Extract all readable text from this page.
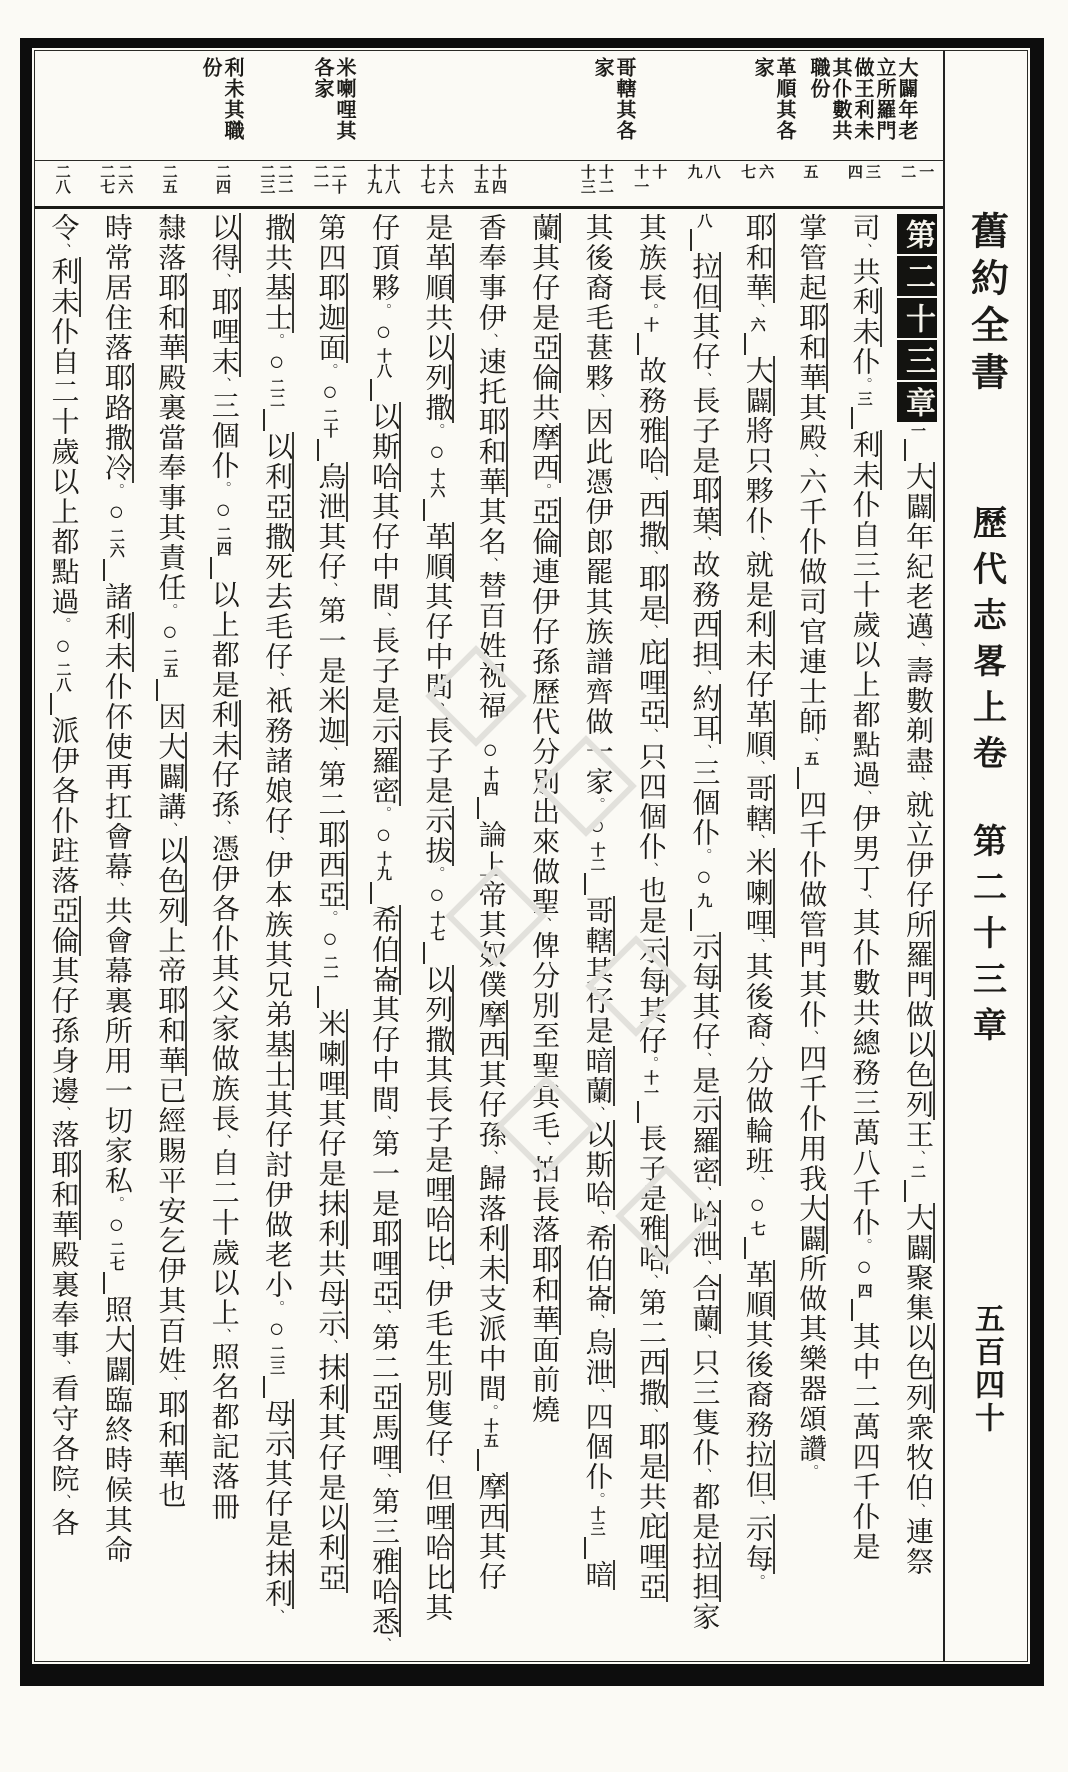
大闢年老
立所羅門
做王利未
其仆數共
職份
革順其各
家
哥轄其各
家
米喇哩其
各家
利未其職
份
一
二
三
四
五
六
七
八
九
十
十一
十二
十三
十四
十五
十六
十七
十八
十九
二十
二一
二二
二三
二四
二五
二六
二七
二八
第二十三章一大闢年紀老邁、壽數剃盡、就立伊仔所羅門做以色列王、二大闢聚集以色列衆牧伯、連祭
司、共利未仆。三利未仆自三十歲以上都點過、伊男丁、其仆數共總務三萬八千仆。○四其中二萬四千仆是
掌管起耶和華其殿、六千仆做司官連士師、五四千仆做管門其仆、四千仆用我大闢所做其樂器頌讚。
耶和華、六大闢將只夥仆、就是利未仔革順、哥轄、米喇哩、其後裔、分做輪班、○七革順其後裔務拉但、示每。
八拉但其仔、長子是耶葉、故務西担、約耳、三個仆。○九示每其仔、是示羅密、哈泄、合蘭、只三隻仆、都是拉担家
其族長。十故務雅哈、西撒、耶是、庇哩亞、只四個仆、也是示每其仔。十一長子是雅哈、第二西撒、耶是共庇哩亞
其後裔毛葚夥、因此憑伊郎罷其族譜齊做一家。○十二哥轄其仔是暗蘭、以斯哈、希伯崙、烏泄、四個仆。十三暗
蘭其仔是亞倫共摩西。亞倫連伊仔孫歷代分別出來做聖、俾分別至聖其毛、拍長落耶和華面前燒
香奉事伊、速托耶和華其名、替百姓祝福。○十四論上帝其奴僕摩西其仔孫、歸落利未支派中間。十五摩西其仔
是革順共以列撒。○十六革順其仔中間、長子是示拔。○十七以列撒其長子是哩哈比、伊毛生別隻仔、但哩哈比其
仔頂夥。○十八以斯哈其仔中間、長子是示羅密。○十九希伯崙其仔中間、第一是耶哩亞、第二亞馬哩、第三雅哈悉、
第四耶迦面。○二十烏泄其仔、第一是米迦、第二耶西亞。○二一米喇哩其仔是抹利共母示、抹利其仔是以利亞
撒共基士。○二二以利亞撒死去毛仔、衹務諸娘仔、伊本族其兄弟基士其仔討伊做老小。○二三母示其仔是抹利、
以得、耶哩末、三個仆。○二四以上都是利未仔孫、憑伊各仆其父家做族長、自二十歲以上、照名都記落冊
隸落耶和華殿裏當奉事其責任。○二五因大闢講、以色列上帝耶和華已經賜平安乞伊其百姓、耶和華也
時常居住落耶路撒冷。○二六諸利未仆伓使再扛會幕、共會幕裏所用一切家私。○二七照大闢臨終時候其命
令、利未仆自二十歲以上都點過。○二八派伊各仆跓落亞倫其仔孫身邊、落耶和華殿裏奉事、看守各院、各
舊約全書
歷代志畧上卷
第二十三章
五百四十
